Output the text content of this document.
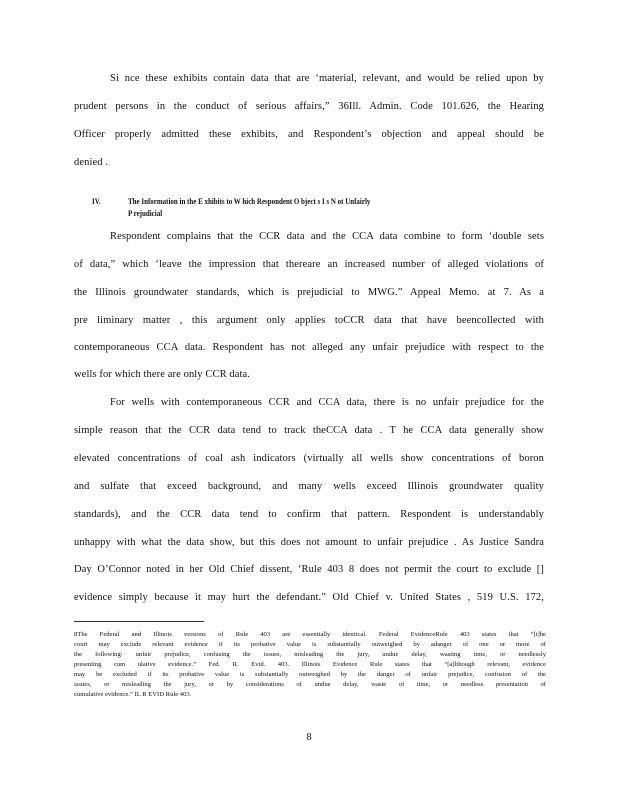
Si nce these exhibits contain data that are ‘material, relevant, and would be relied upon by
prudent persons in the conduct of serious affairs,” 36Ill. Admin. Code 101.626, the Hearing
Officer properly admitted these exhibits, and Respondent’s objection and appeal should be
denied .
IV.	The Information in the E xhibits to W hich Respondent O bject s I s N ot Unfairly
P rejudicial
Respondent complains that the CCR data and the CCA data combine to form ‘double sets
of data,” which ‘leave the impression that thereare an increased number of alleged violations of
the Illinois groundwater standards, which is prejudicial to MWG.” Appeal Memo. at 7. As a
pre liminary matter , this argument only applies toCCR data that have beencollected with
contemporaneous CCA data. Respondent has not alleged any unfair prejudice with respect to the
wells for which there are only CCR data.
For wells with contemporaneous CCR and CCA data, there is no unfair prejudice for the
simple reason that the CCR data tend to track theCCA data . T he CCA data generally show
elevated concentrations of coal ash indicators (virtually all wells show concentrations of boron
and sulfate that exceed background, and many wells exceed Illinois groundwater quality
standards), and the CCR data tend to confirm that pattern. Respondent is understandably
unhappy with what the data show, but this does not amount to unfair prejudice . As Justice Sandra
Day O’Connor noted in her Old Chief dissent, ‘Rule 403 8 does not permit the court to exclude []
evidence simply because it may hurt the defendant.” Old Chief v. United States , 519 U.S. 172,
8The Federal and Illinois versions of Rule 403 are essentially identical. Federal EvidenceRule 403 states that “[t]he
court may exclude relevant evidence if its probative value is substantially outweighed by adanger of one or more of
the following: unfair prejudice, confusing the issues, misleading the jury, undue delay, wasting time, or needlessly
presenting cum ulative evidence.” Fed. R. Evid. 403. Illinois Evidence Rule states that “[a]lthough relevant, evidence
may be excluded if its probative value is substantially outweighed by the danger of unfair prejudice, confusion of the
issues, or misleading the jury, or by considerations of undue delay, waste of time, or needless presentation of
cumulative evidence.” IL R EVID Rule 403.
8
